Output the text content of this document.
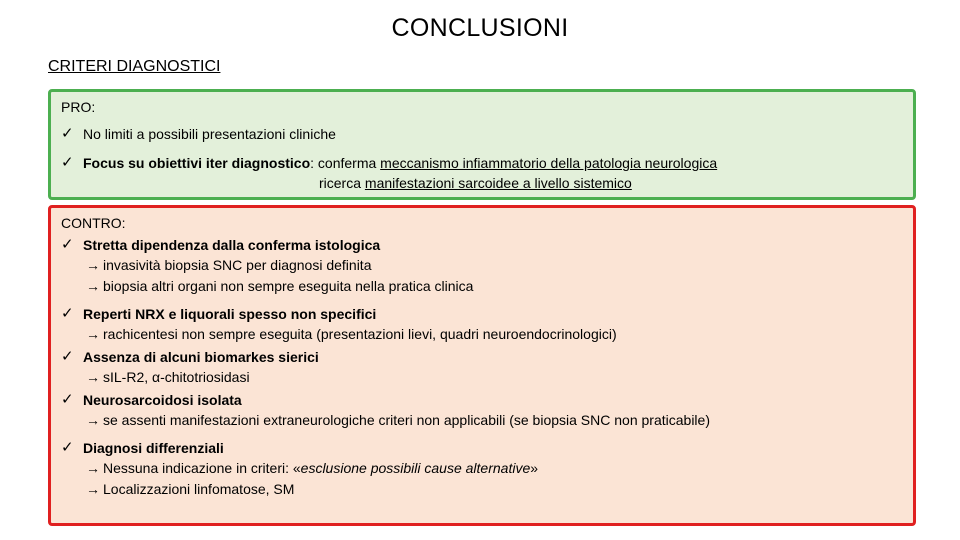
CONCLUSIONI
CRITERI DIAGNOSTICI
PRO:
✓ No limiti a possibili presentazioni cliniche
✓ Focus su obiettivi iter diagnostico: conferma meccanismo infiammatorio della patologia neurologica
ricerca manifestazioni sarcoidee a livello sistemico
CONTRO:
✓ Stretta dipendenza dalla conferma istologica
→ invasività biopsia SNC per diagnosi definita
→ biopsia altri organi non sempre eseguita nella pratica clinica
✓ Reperti NRX e liquorali spesso non specifici
→ rachicentesi non sempre eseguita (presentazioni lievi, quadri neuroendocrinologici)
✓ Assenza di alcuni biomarkes sierici
→ sIL-R2, α-chitotriosidasi
✓ Neurosarcoidosi isolata
→ se assenti manifestazioni extraneurologiche criteri non applicabili (se biopsia SNC non praticabile)
✓ Diagnosi differenziali
→ Nessuna indicazione in criteri: «esclusione possibili cause alternative»
→ Localizzazioni linfomatose, SM
